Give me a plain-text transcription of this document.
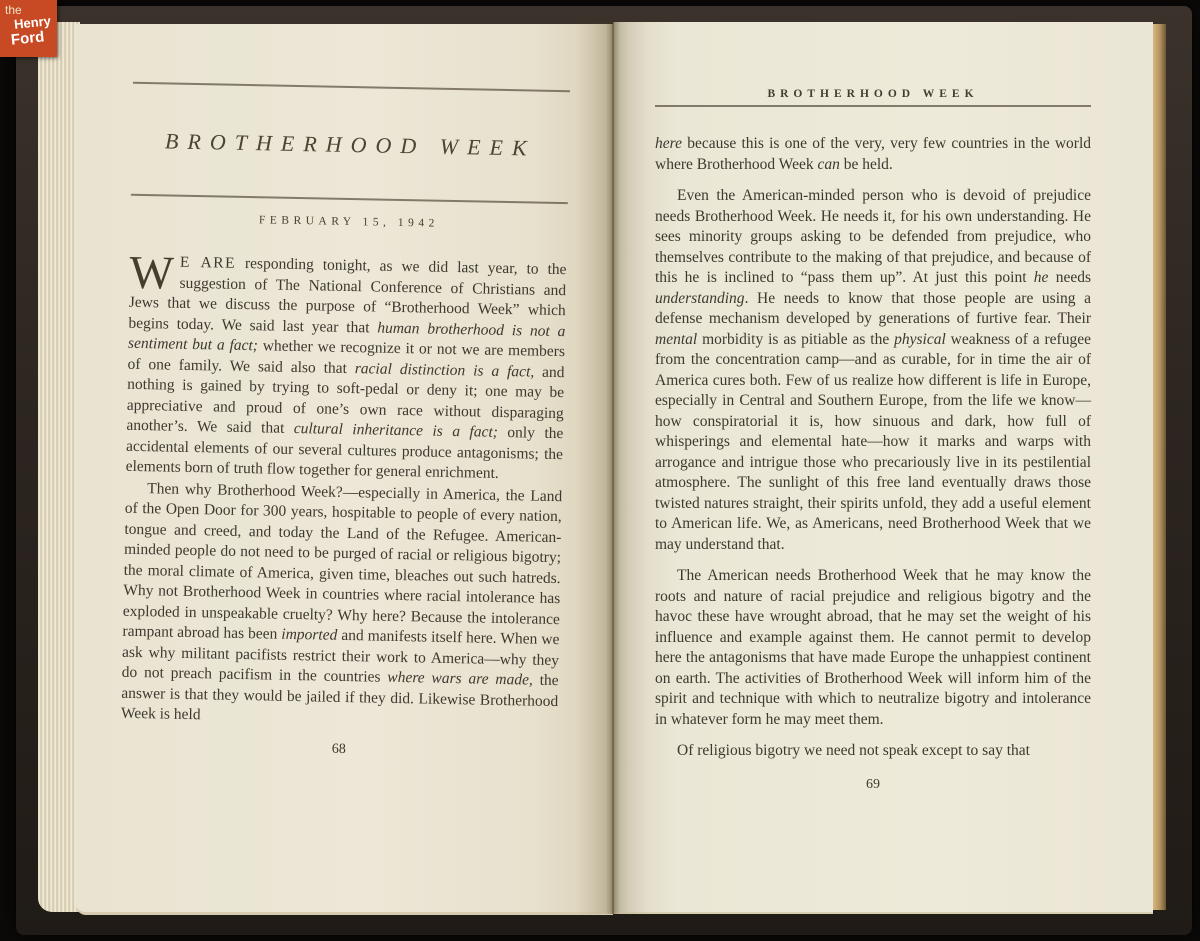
BROTHERHOOD WEEK
FEBRUARY 15, 1942

W E ARE responding tonight, as we did last year, to the suggestion of The National Conference of Christians and Jews that we discuss the purpose of “Brotherhood Week” which begins today. We said last year that human brotherhood is not a sentiment but a fact; whether we recognize it or not we are members of one family. We said also that racial distinction is a fact, and nothing is gained by trying to soft-pedal or deny it; one may be appreciative and proud of one’s own race without disparaging another’s. We said that cultural inheritance is a fact; only the accidental elements of our several cultures produce antagonisms; the elements born of truth flow together for general enrichment.

Then why Brotherhood Week?—especially in America, the Land of the Open Door for 300 years, hospitable to people of every nation, tongue and creed, and today the Land of the Refugee. American-minded people do not need to be purged of racial or religious bigotry; the moral climate of America, given time, bleaches out such hatreds. Why not Brotherhood Week in countries where racial intolerance has exploded in unspeakable cruelty? Why here? Because the intolerance rampant abroad has been imported and manifests itself here. When we ask why militant pacifists restrict their work to America—why they do not preach pacifism in the countries where wars are made, the answer is that they would be jailed if they did. Likewise Brotherhood Week is held

68
BROTHERHOOD WEEK

here because this is one of the very, very few countries in the world where Brotherhood Week can be held.

Even the American-minded person who is devoid of prejudice needs Brotherhood Week. He needs it, for his own understanding. He sees minority groups asking to be defended from prejudice, who themselves contribute to the making of that prejudice, and because of this he is inclined to “pass them up”. At just this point he needs understanding. He needs to know that those people are using a defense mechanism developed by generations of furtive fear. Their mental morbidity is as pitiable as the physical weakness of a refugee from the concentration camp—and as curable, for in time the air of America cures both. Few of us realize how different is life in Europe, especially in Central and Southern Europe, from the life we know—how conspiratorial it is, how sinuous and dark, how full of whisperings and elemental hate—how it marks and warps with arrogance and intrigue those who precariously live in its pestilential atmosphere. The sunlight of this free land eventually draws those twisted natures straight, their spirits unfold, they add a useful element to American life. We, as Americans, need Brotherhood Week that we may understand that.

The American needs Brotherhood Week that he may know the roots and nature of racial prejudice and religious bigotry and the havoc these have wrought abroad, that he may set the weight of his influence and example against them. He cannot permit to develop here the antagonisms that have made Europe the unhappiest continent on earth. The activities of Brotherhood Week will inform him of the spirit and technique with which to neutralize bigotry and intolerance in whatever form he may meet them.

Of religious bigotry we need not speak except to say that

69
the
Henry
Ford
